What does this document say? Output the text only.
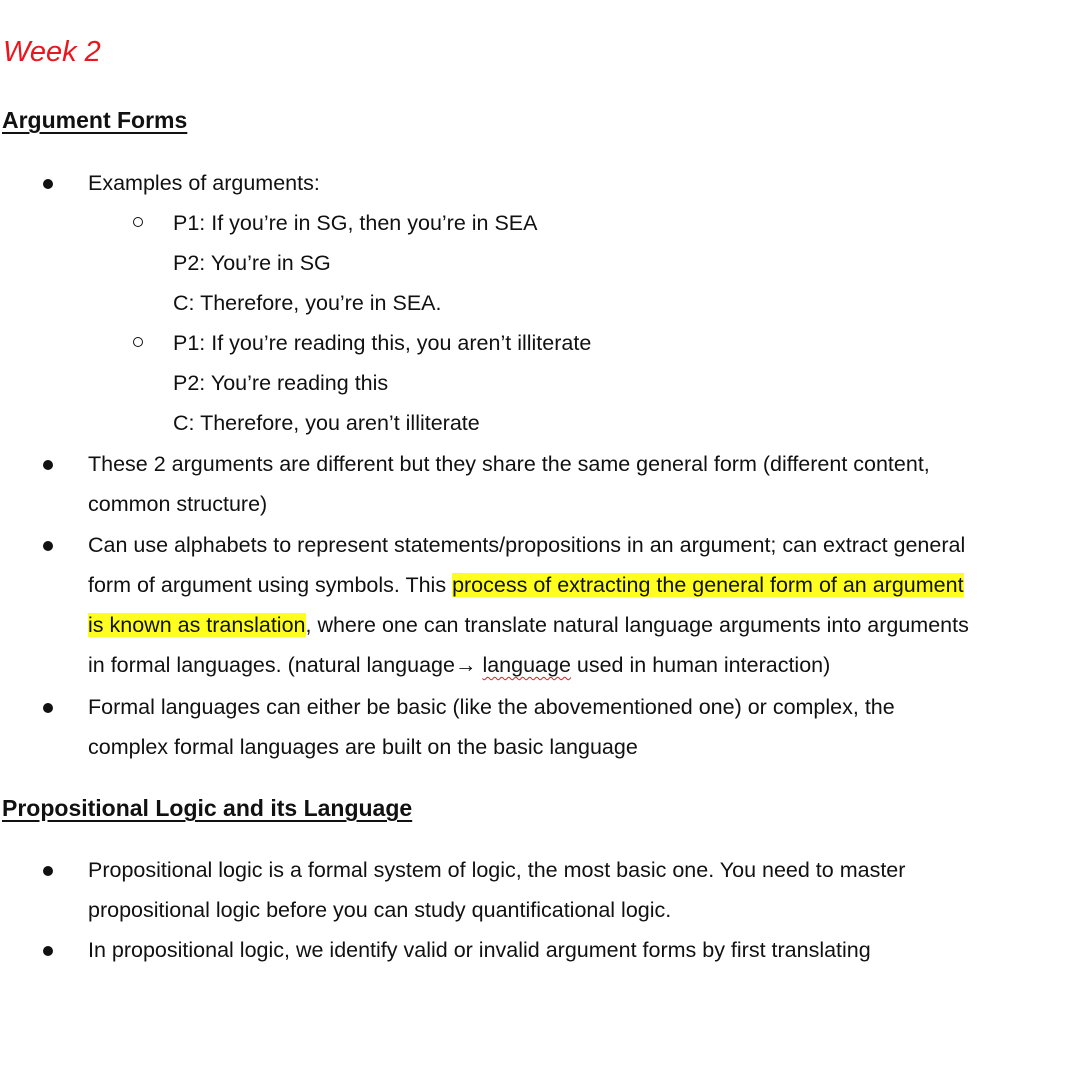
Week 2
Argument Forms
Examples of arguments:
P1: If you’re in SG, then you’re in SEA
P2: You’re in SG
C: Therefore, you’re in SEA.
P1: If you’re reading this, you aren’t illiterate
P2: You’re reading this
C: Therefore, you aren’t illiterate
These 2 arguments are different but they share the same general form (different content,
common structure)
Can use alphabets to represent statements/propositions in an argument; can extract general
form of argument using symbols. This process of extracting the general form of an argument
is known as translation, where one can translate natural language arguments into arguments
in formal languages. (natural language→ language used in human interaction)
Formal languages can either be basic (like the abovementioned one) or complex, the
complex formal languages are built on the basic language
Propositional Logic and its Language
Propositional logic is a formal system of logic, the most basic one. You need to master
propositional logic before you can study quantificational logic.
In propositional logic, we identify valid or invalid argument forms by first translating
